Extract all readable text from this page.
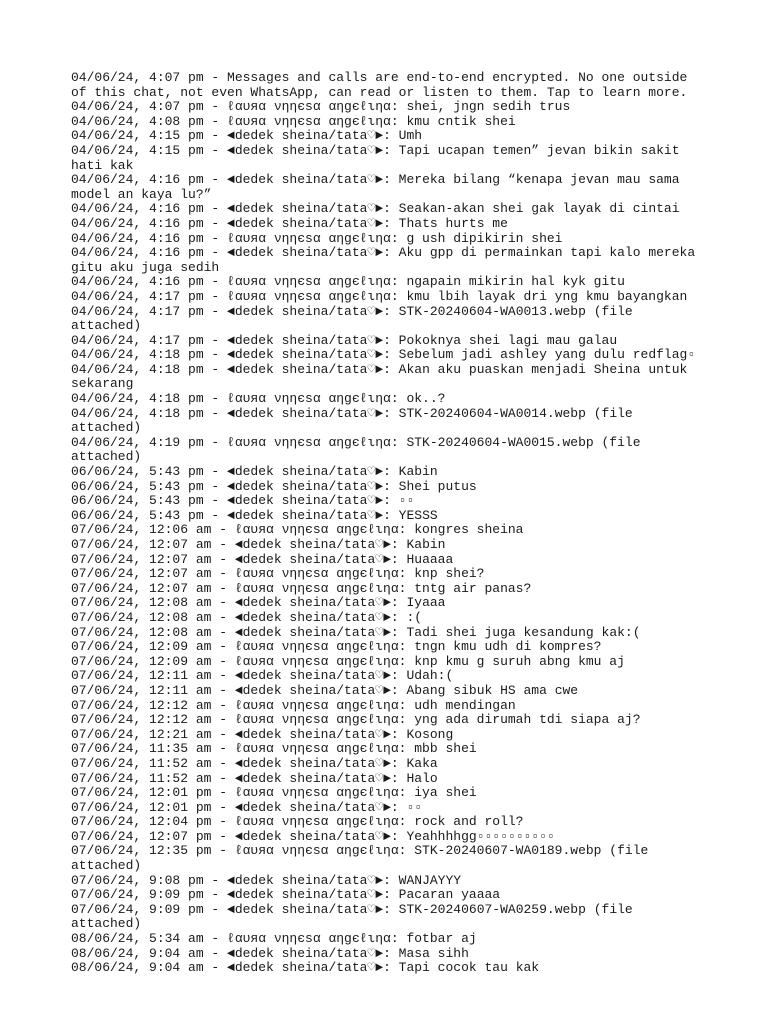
04/06/24, 4:07 pm - Messages and calls are end-to-end encrypted. No one outside of this chat, not even WhatsApp, can read or listen to them. Tap to learn more.
04/06/24, 4:07 pm - ℓαυяα νηηєѕα αηgєℓιηα: shei, jngn sedih trus
04/06/24, 4:08 pm - ℓαυяα νηηєѕα αηgєℓιηα: kmu cntik shei
04/06/24, 4:15 pm - ◄dedek sheina/tata♡►: Umh
04/06/24, 4:15 pm - ◄dedek sheina/tata♡►: Tapi ucapan temen” jevan bikin sakit hati kak
04/06/24, 4:16 pm - ◄dedek sheina/tata♡►: Mereka bilang “kenapa jevan mau sama model an kaya lu?”
04/06/24, 4:16 pm - ◄dedek sheina/tata♡►: Seakan-akan shei gak layak di cintai
04/06/24, 4:16 pm - ◄dedek sheina/tata♡►: Thats hurts me
04/06/24, 4:16 pm - ℓαυяα νηηєѕα αηgєℓιηα: g ush dipikirin shei
04/06/24, 4:16 pm - ◄dedek sheina/tata♡►: Aku gpp di permainkan tapi kalo mereka gitu aku juga sedih
04/06/24, 4:16 pm - ℓαυяα νηηєѕα αηgєℓιηα: ngapain mikirin hal kyk gitu
04/06/24, 4:17 pm - ℓαυяα νηηєѕα αηgєℓιηα: kmu lbih layak dri yng kmu bayangkan
04/06/24, 4:17 pm - ◄dedek sheina/tata♡►: STK-20240604-WA0013.webp (file attached)
04/06/24, 4:17 pm - ◄dedek sheina/tata♡►: Pokoknya shei lagi mau galau
04/06/24, 4:18 pm - ◄dedek sheina/tata♡►: Sebelum jadi ashley yang dulu redflag▫
04/06/24, 4:18 pm - ◄dedek sheina/tata♡►: Akan aku puaskan menjadi Sheina untuk sekarang
04/06/24, 4:18 pm - ℓαυяα νηηєѕα αηgєℓιηα: ok..?
04/06/24, 4:18 pm - ◄dedek sheina/tata♡►: STK-20240604-WA0014.webp (file attached)
04/06/24, 4:19 pm - ℓαυяα νηηєѕα αηgєℓιηα: STK-20240604-WA0015.webp (file attached)
06/06/24, 5:43 pm - ◄dedek sheina/tata♡►: Kabin
06/06/24, 5:43 pm - ◄dedek sheina/tata♡►: Shei putus
06/06/24, 5:43 pm - ◄dedek sheina/tata♡►: ▫▫
06/06/24, 5:43 pm - ◄dedek sheina/tata♡►: YESSS
07/06/24, 12:06 am - ℓαυяα νηηєѕα αηgєℓιηα: kongres sheina
07/06/24, 12:07 am - ◄dedek sheina/tata♡►: Kabin
07/06/24, 12:07 am - ◄dedek sheina/tata♡►: Huaaaa
07/06/24, 12:07 am - ℓαυяα νηηєѕα αηgєℓιηα: knp shei?
07/06/24, 12:07 am - ℓαυяα νηηєѕα αηgєℓιηα: tntg air panas?
07/06/24, 12:08 am - ◄dedek sheina/tata♡►: Iyaaa
07/06/24, 12:08 am - ◄dedek sheina/tata♡►: :(
07/06/24, 12:08 am - ◄dedek sheina/tata♡►: Tadi shei juga kesandung kak:(
07/06/24, 12:09 am - ℓαυяα νηηєѕα αηgєℓιηα: tngn kmu udh di kompres?
07/06/24, 12:09 am - ℓαυяα νηηєѕα αηgєℓιηα: knp kmu g suruh abng kmu aj
07/06/24, 12:11 am - ◄dedek sheina/tata♡►: Udah:(
07/06/24, 12:11 am - ◄dedek sheina/tata♡►: Abang sibuk HS ama cwe
07/06/24, 12:12 am - ℓαυяα νηηєѕα αηgєℓιηα: udh mendingan
07/06/24, 12:12 am - ℓαυяα νηηєѕα αηgєℓιηα: yng ada dirumah tdi siapa aj?
07/06/24, 12:21 am - ◄dedek sheina/tata♡►: Kosong
07/06/24, 11:35 am - ℓαυяα νηηєѕα αηgєℓιηα: mbb shei
07/06/24, 11:52 am - ◄dedek sheina/tata♡►: Kaka
07/06/24, 11:52 am - ◄dedek sheina/tata♡►: Halo
07/06/24, 12:01 pm - ℓαυяα νηηєѕα αηgєℓιηα: iya shei
07/06/24, 12:01 pm - ◄dedek sheina/tata♡►: ▫▫
07/06/24, 12:04 pm - ℓαυяα νηηєѕα αηgєℓιηα: rock and roll?
07/06/24, 12:07 pm - ◄dedek sheina/tata♡►: Yeahhhhgg▫▫▫▫▫▫▫▫▫▫
07/06/24, 12:35 pm - ℓαυяα νηηєѕα αηgєℓιηα: STK-20240607-WA0189.webp (file attached)
07/06/24, 9:08 pm - ◄dedek sheina/tata♡►: WANJAYYY
07/06/24, 9:09 pm - ◄dedek sheina/tata♡►: Pacaran yaaaa
07/06/24, 9:09 pm - ◄dedek sheina/tata♡►: STK-20240607-WA0259.webp (file attached)
08/06/24, 5:34 am - ℓαυяα νηηєѕα αηgєℓιηα: fotbar aj
08/06/24, 9:04 am - ◄dedek sheina/tata♡►: Masa sihh
08/06/24, 9:04 am - ◄dedek sheina/tata♡►: Tapi cocok tau kak
